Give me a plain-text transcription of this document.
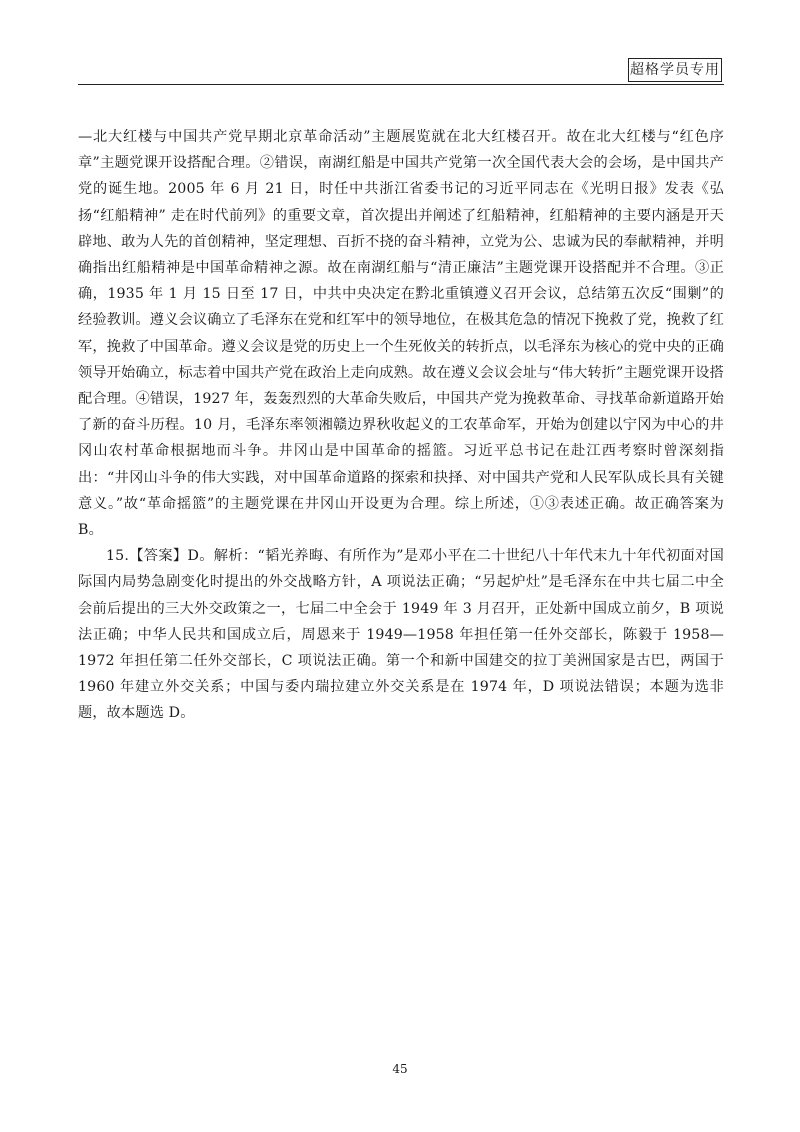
超格学员专用

—北大红楼与中国共产党早期北京革命活动”主题展览就在北大红楼召开。故在北大红楼与“红色序章”主题党课开设搭配合理。②错误，南湖红船是中国共产党第一次全国代表大会的会场，是中国共产党的诞生地。2005 年 6 月 21 日，时任中共浙江省委书记的习近平同志在《光明日报》发表《弘扬“红船精神” 走在时代前列》的重要文章，首次提出并阐述了红船精神，红船精神的主要内涵是开天辟地、敢为人先的首创精神，坚定理想、百折不挠的奋斗精神，立党为公、忠诚为民的奉献精神，并明确指出红船精神是中国革命精神之源。故在南湖红船与“清正廉洁”主题党课开设搭配并不合理。③正确，1935 年 1 月 15 日至 17 日，中共中央决定在黔北重镇遵义召开会议，总结第五次反“围剿”的经验教训。遵义会议确立了毛泽东在党和红军中的领导地位，在极其危急的情况下挽救了党，挽救了红军，挽救了中国革命。遵义会议是党的历史上一个生死攸关的转折点，以毛泽东为核心的党中央的正确领导开始确立，标志着中国共产党在政治上走向成熟。故在遵义会议会址与“伟大转折”主题党课开设搭配合理。④错误，1927 年，轰轰烈烈的大革命失败后，中国共产党为挽救革命、寻找革命新道路开始了新的奋斗历程。10 月，毛泽东率领湘赣边界秋收起义的工农革命军，开始为创建以宁冈为中心的井冈山农村革命根据地而斗争。井冈山是中国革命的摇篮。习近平总书记在赴江西考察时曾深刻指出：“井冈山斗争的伟大实践，对中国革命道路的探索和抉择、对中国共产党和人民军队成长具有关键意义。”故“革命摇篮”的主题党课在井冈山开设更为合理。综上所述，①③表述正确。故正确答案为 B。

15.【答案】D。解析：“韬光养晦、有所作为”是邓小平在二十世纪八十年代末九十年代初面对国际国内局势急剧变化时提出的外交战略方针，A 项说法正确；“另起炉灶”是毛泽东在中共七届二中全会前后提出的三大外交政策之一，七届二中全会于 1949 年 3 月召开，正处新中国成立前夕，B 项说法正确；中华人民共和国成立后，周恩来于 1949—1958 年担任第一任外交部长，陈毅于 1958—1972 年担任第二任外交部长，C 项说法正确。第一个和新中国建交的拉丁美洲国家是古巴，两国于 1960 年建立外交关系；中国与委内瑞拉建立外交关系是在 1974 年，D 项说法错误；本题为选非题，故本题选 D。

45
